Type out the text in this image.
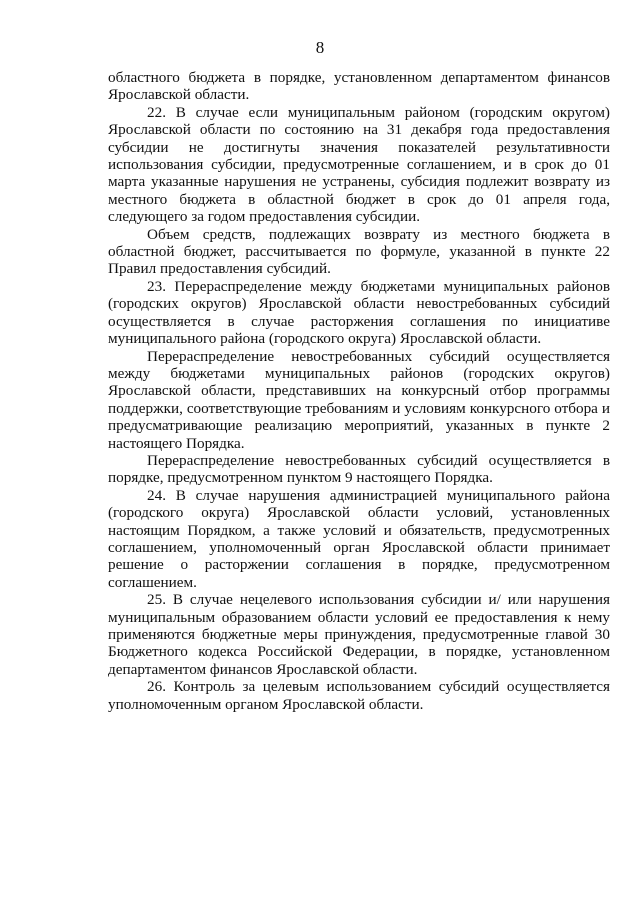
8

областного бюджета в порядке, установленном департаментом финансов Ярославской области.

22. В случае если муниципальным районом (городским округом) Ярославской области по состоянию на 31 декабря года предоставления субсидии не достигнуты значения показателей результативности использования субсидии, предусмотренные соглашением, и в срок до 01 марта указанные нарушения не устранены, субсидия подлежит возврату из местного бюджета в областной бюджет в срок до 01 апреля года, следующего за годом предоставления субсидии.

Объем средств, подлежащих возврату из местного бюджета в областной бюджет, рассчитывается по формуле, указанной в пункте 22 Правил предоставления субсидий.

23. Перераспределение между бюджетами муниципальных районов (городских округов) Ярославской области невостребованных субсидий осуществляется в случае расторжения соглашения по инициативе муниципального района (городского округа) Ярославской области.

Перераспределение невостребованных субсидий осуществляется между бюджетами муниципальных районов (городских округов) Ярославской области, представивших на конкурсный отбор программы поддержки, соответствующие требованиям и условиям конкурсного отбора и предусматривающие реализацию мероприятий, указанных в пункте 2 настоящего Порядка.

Перераспределение невостребованных субсидий осуществляется в порядке, предусмотренном пунктом 9 настоящего Порядка.

24. В случае нарушения администрацией муниципального района (городского округа) Ярославской области условий, установленных настоящим Порядком, а также условий и обязательств, предусмотренных соглашением, уполномоченный орган Ярославской области принимает решение о расторжении соглашения в порядке, предусмотренном соглашением.

25. В случае нецелевого использования субсидии и/ или нарушения муниципальным образованием области условий ее предоставления к нему применяются бюджетные меры принуждения, предусмотренные главой 30 Бюджетного кодекса Российской Федерации, в порядке, установленном департаментом финансов Ярославской области.

26. Контроль за целевым использованием субсидий осуществляется уполномоченным органом Ярославской области.
